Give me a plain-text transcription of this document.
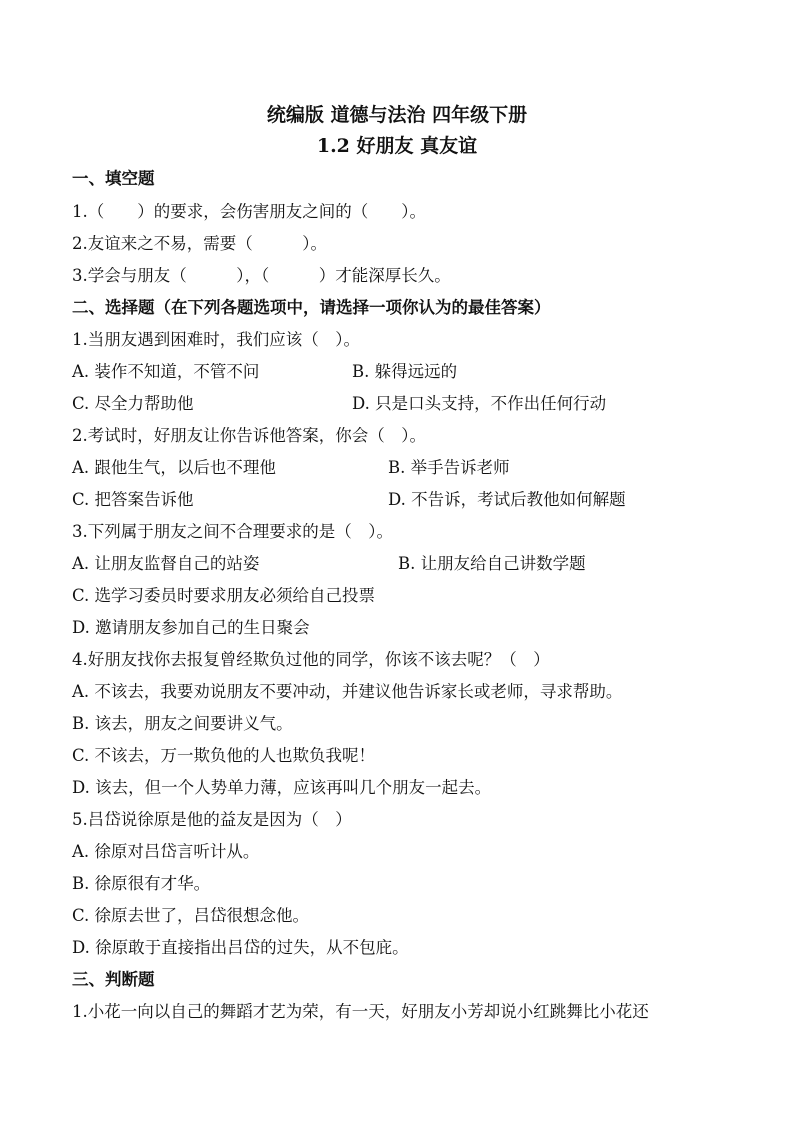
统编版 道德与法治 四年级下册
1.2 好朋友 真友谊
一、填空题
1.（　　）的要求，会伤害朋友之间的（　　）。
2.友谊来之不易，需要（　　　）。
3.学会与朋友（　　　），（　　　）才能深厚长久。
二、选择题（在下列各题选项中，请选择一项你认为的最佳答案）
1.当朋友遇到困难时，我们应该（　）。
A. 装作不知道，不管不问	B. 躲得远远的
C. 尽全力帮助他	D. 只是口头支持，不作出任何行动
2.考试时，好朋友让你告诉他答案，你会（　）。
A. 跟他生气，以后也不理他	B. 举手告诉老师
C. 把答案告诉他	D. 不告诉，考试后教他如何解题
3.下列属于朋友之间不合理要求的是（　）。
A. 让朋友监督自己的站姿	B. 让朋友给自己讲数学题
C. 选学习委员时要求朋友必须给自己投票
D. 邀请朋友参加自己的生日聚会
4.好朋友找你去报复曾经欺负过他的同学，你该不该去呢？（　）
A. 不该去，我要劝说朋友不要冲动，并建议他告诉家长或老师，寻求帮助。
B. 该去，朋友之间要讲义气。
C. 不该去，万一欺负他的人也欺负我呢！
D. 该去，但一个人势单力薄，应该再叫几个朋友一起去。
5.吕岱说徐原是他的益友是因为（　）
A. 徐原对吕岱言听计从。
B. 徐原很有才华。
C. 徐原去世了，吕岱很想念他。
D. 徐原敢于直接指出吕岱的过失，从不包庇。
三、判断题
1.小花一向以自己的舞蹈才艺为荣，有一天，好朋友小芳却说小红跳舞比小花还
